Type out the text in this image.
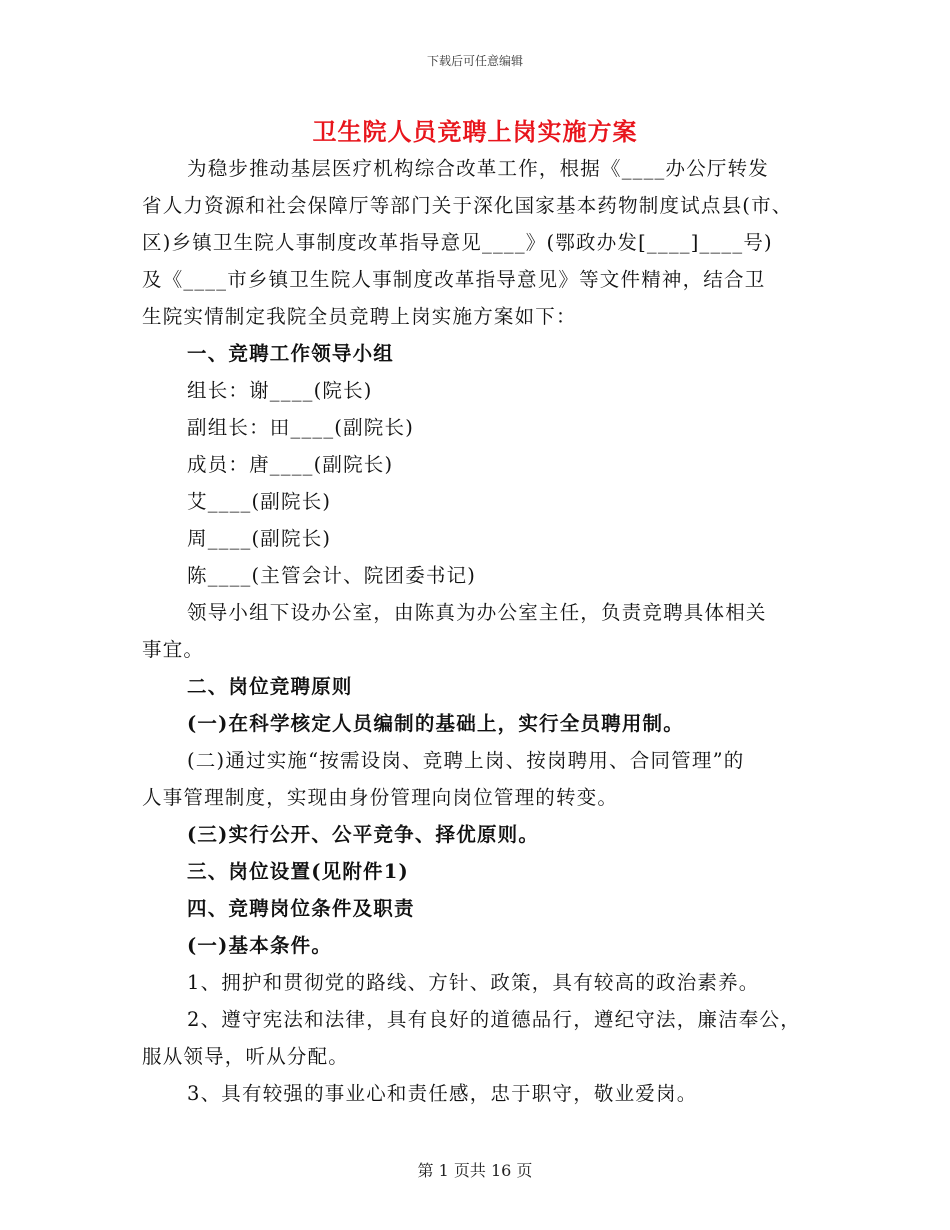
下载后可任意编辑
卫生院人员竞聘上岗实施方案

为稳步推动基层医疗机构综合改革工作，根据《____办公厅转发

省人力资源和社会保障厅等部门关于深化国家基本药物制度试点县(市、

区)乡镇卫生院人事制度改革指导意见____》(鄂政办发[____]____号)

及《____市乡镇卫生院人事制度改革指导意见》等文件精神，结合卫

生院实情制定我院全员竞聘上岗实施方案如下：

一、竞聘工作领导小组

组长：谢____(院长)

副组长：田____(副院长)

成员：唐____(副院长)

艾____(副院长)

周____(副院长)

陈____(主管会计、院团委书记)

领导小组下设办公室，由陈真为办公室主任，负责竞聘具体相关

事宜。

二、岗位竞聘原则

(一)在科学核定人员编制的基础上，实行全员聘用制。

(二)通过实施“按需设岗、竞聘上岗、按岗聘用、合同管理”的

人事管理制度，实现由身份管理向岗位管理的转变。

(三)实行公开、公平竞争、择优原则。

三、岗位设置(见附件1)

四、竞聘岗位条件及职责

(一)基本条件。

1、拥护和贯彻党的路线、方针、政策，具有较高的政治素养。

2、遵守宪法和法律，具有良好的道德品行，遵纪守法，廉洁奉公，

服从领导，听从分配。

3、具有较强的事业心和责任感，忠于职守，敬业爱岗。

第 1 页共 16 页
